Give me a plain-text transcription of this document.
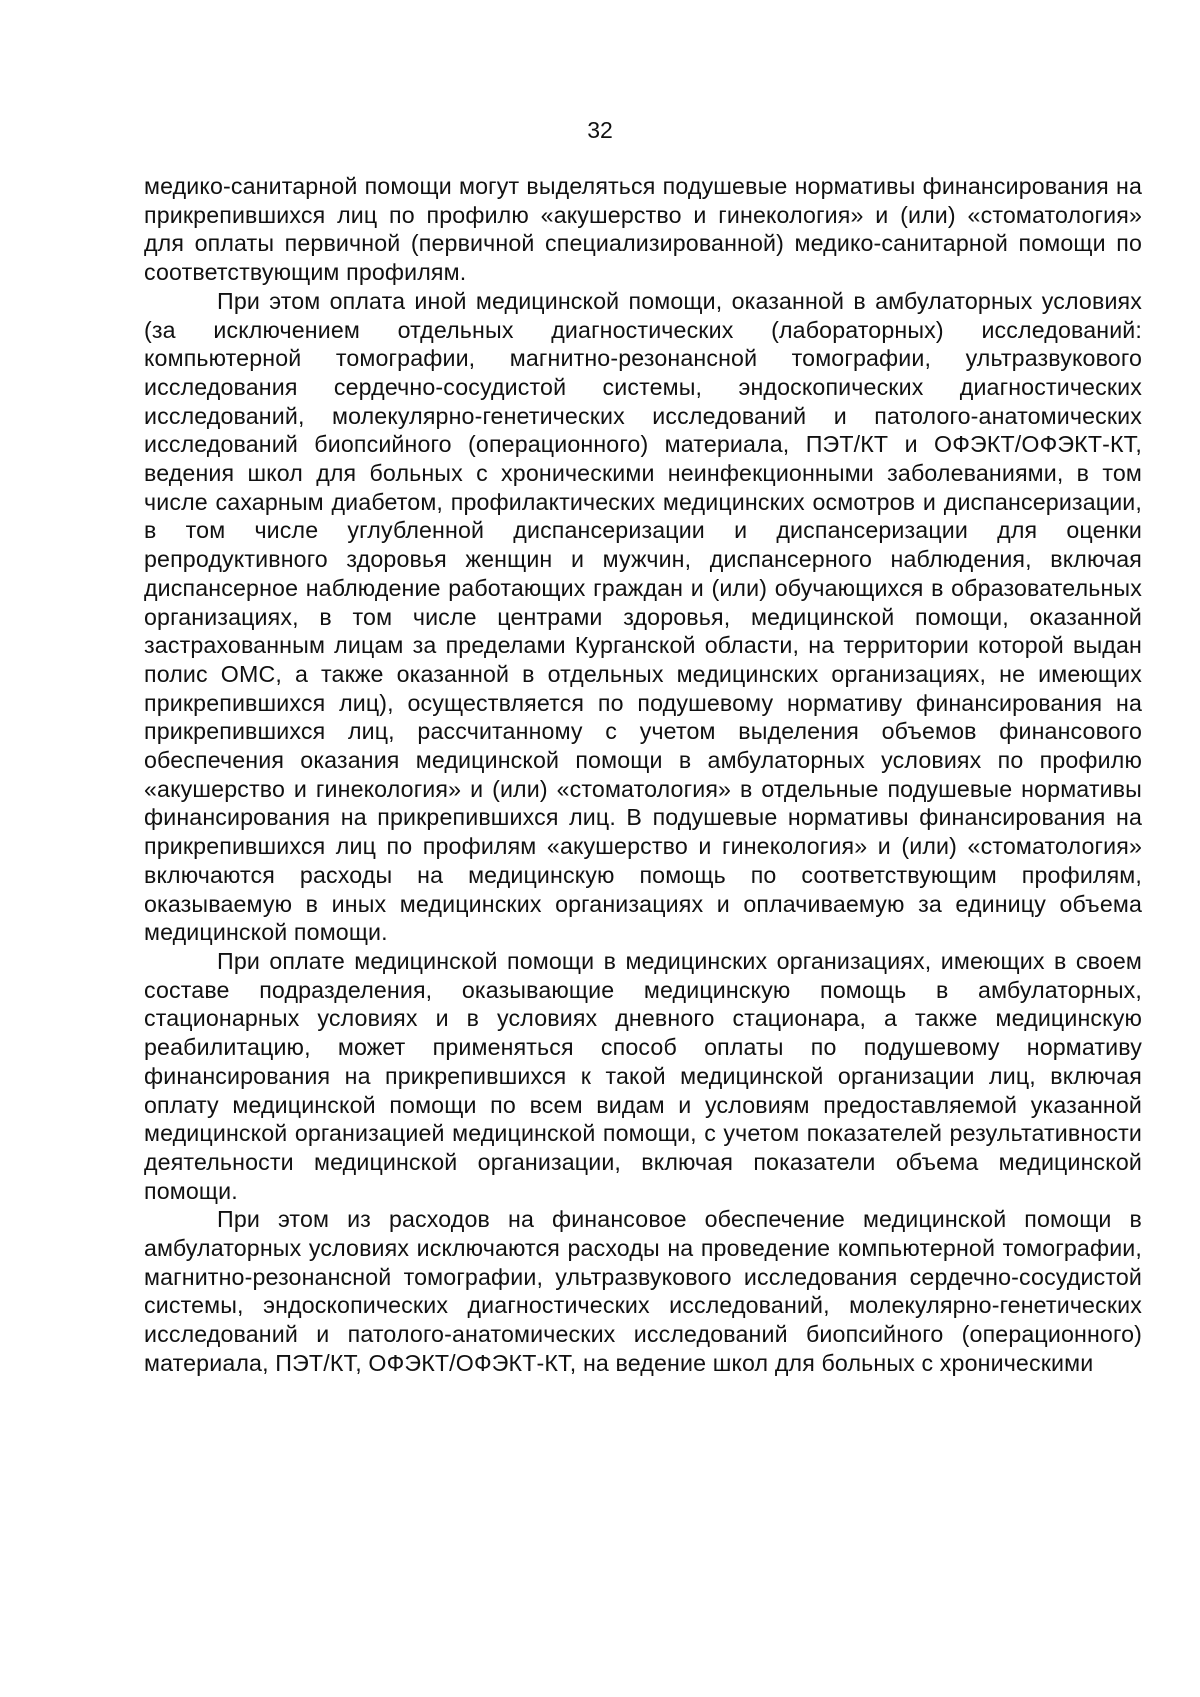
32

медико-санитарной помощи могут выделяться подушевые нормативы финансирования на прикрепившихся лиц по профилю «акушерство и гинекология» и (или) «стоматология» для оплаты первичной (первичной специализированной) медико-санитарной помощи по соответствующим профилям.

При этом оплата иной медицинской помощи, оказанной в амбулаторных условиях (за исключением отдельных диагностических (лабораторных) исследований: компьютерной томографии, магнитно-резонансной томографии, ультразвукового исследования сердечно-сосудистой системы, эндоскопических диагностических исследований, молекулярно-генетических исследований и патолого-анатомических исследований биопсийного (операционного) материала, ПЭТ/КТ и ОФЭКТ/ОФЭКТ-КТ, ведения школ для больных с хроническими неинфекционными заболеваниями, в том числе сахарным диабетом, профилактических медицинских осмотров и диспансеризации, в том числе углубленной диспансеризации и диспансеризации для оценки репродуктивного здоровья женщин и мужчин, диспансерного наблюдения, включая диспансерное наблюдение работающих граждан и (или) обучающихся в образовательных организациях, в том числе центрами здоровья, медицинской помощи, оказанной застрахованным лицам за пределами Курганской области, на территории которой выдан полис ОМС, а также оказанной в отдельных медицинских организациях, не имеющих прикрепившихся лиц), осуществляется по подушевому нормативу финансирования на прикрепившихся лиц, рассчитанному с учетом выделения объемов финансового обеспечения оказания медицинской помощи в амбулаторных условиях по профилю «акушерство и гинекология» и (или) «стоматология» в отдельные подушевые нормативы финансирования на прикрепившихся лиц. В подушевые нормативы финансирования на прикрепившихся лиц по профилям «акушерство и гинекология» и (или) «стоматология» включаются расходы на медицинскую помощь по соответствующим профилям, оказываемую в иных медицинских организациях и оплачиваемую за единицу объема медицинской помощи.

При оплате медицинской помощи в медицинских организациях, имеющих в своем составе подразделения, оказывающие медицинскую помощь в амбулаторных, стационарных условиях и в условиях дневного стационара, а также медицинскую реабилитацию, может применяться способ оплаты по подушевому нормативу финансирования на прикрепившихся к такой медицинской организации лиц, включая оплату медицинской помощи по всем видам и условиям предоставляемой указанной медицинской организацией медицинской помощи, с учетом показателей результативности деятельности медицинской организации, включая показатели объема медицинской помощи.

При этом из расходов на финансовое обеспечение медицинской помощи в амбулаторных условиях исключаются расходы на проведение компьютерной томографии, магнитно-резонансной томографии, ультразвукового исследования сердечно-сосудистой системы, эндоскопических диагностических исследований, молекулярно-генетических исследований и патолого-анатомических исследований биопсийного (операционного) материала, ПЭТ/КТ, ОФЭКТ/ОФЭКТ-КТ, на ведение школ для больных с хроническими
